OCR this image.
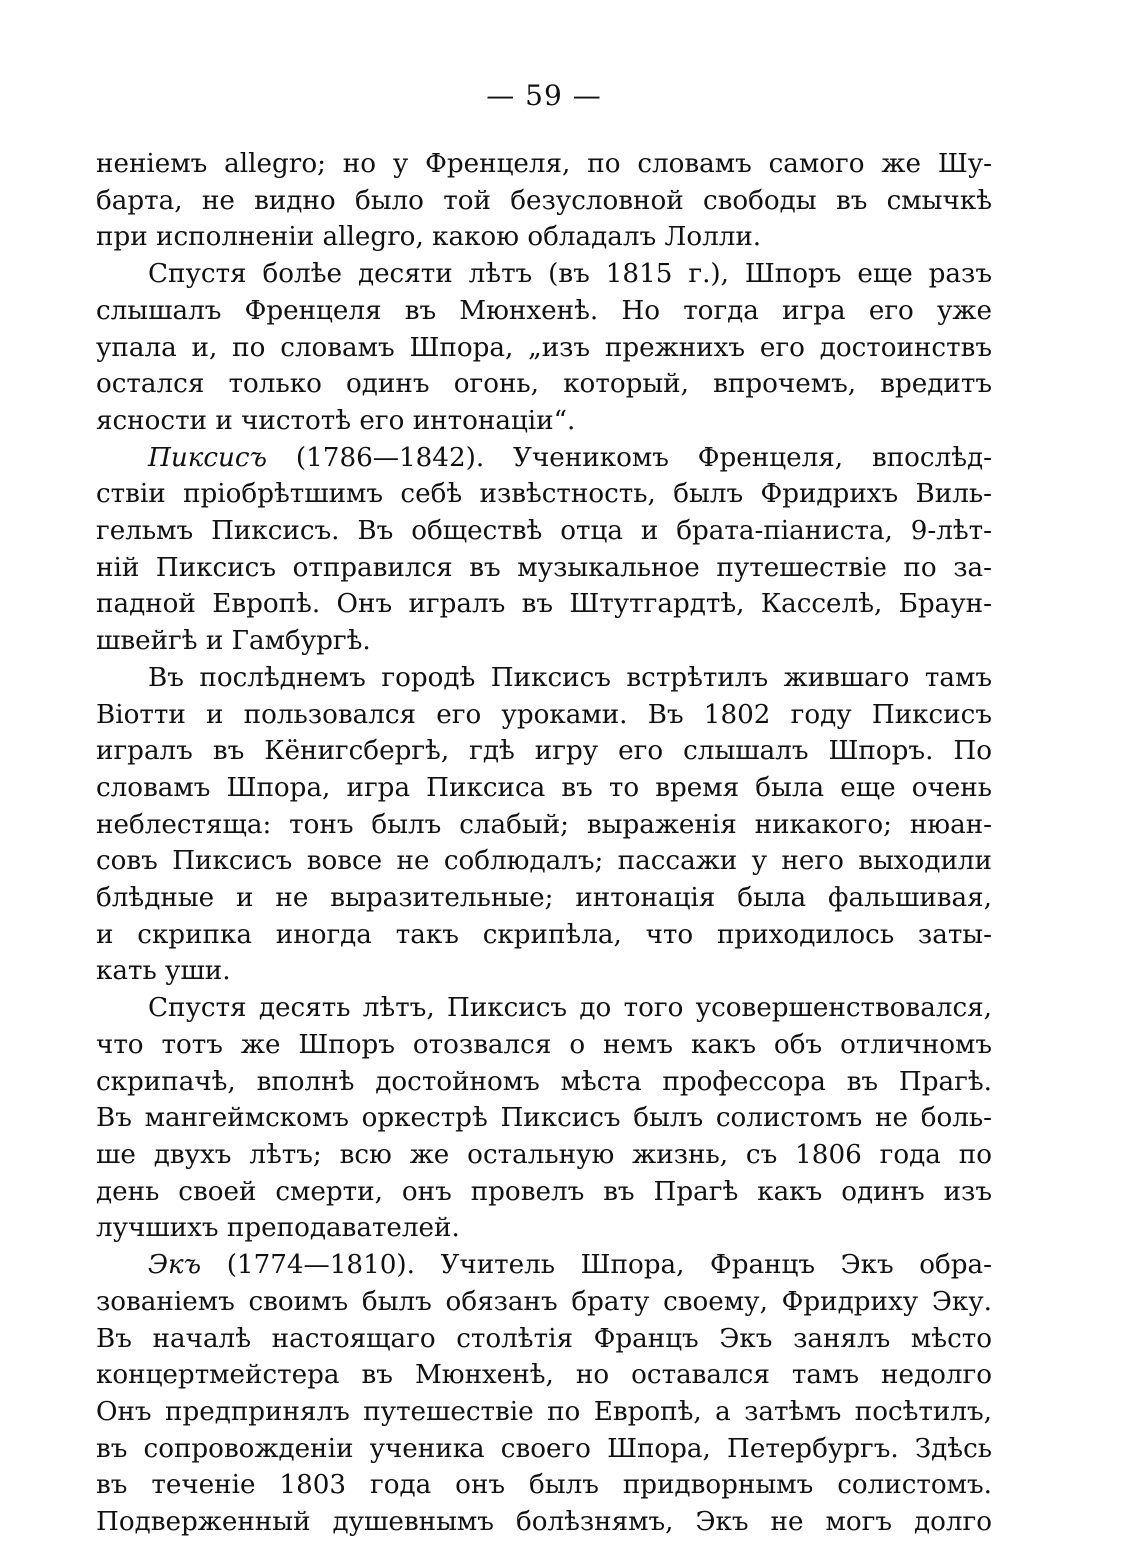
— 59 —

неніемъ allegro; но у Френцеля, по словамъ самого же Шу-
барта, не видно было той безусловной свободы въ смычкѣ
при исполненіи allegro, какою обладалъ Лолли.

Спустя болѣе десяти лѣтъ (въ 1815 г.), Шпоръ еще разъ
слышалъ Френцеля въ Мюнхенѣ. Но тогда игра его уже
упала и, по словамъ Шпора, „изъ прежнихъ его достоинствъ
остался только одинъ огонь, который, впрочемъ, вредитъ
ясности и чистотѣ его интонаціи“.

Пиксисъ (1786—1842). Ученикомъ Френцеля, впослѣд-
ствіи пріобрѣтшимъ себѣ извѣстность, былъ Фридрихъ Виль-
гельмъ Пиксисъ. Въ обществѣ отца и брата-піаниста, 9-лѣт-
ній Пиксисъ отправился въ музыкальное путешествіе по за-
падной Европѣ. Онъ игралъ въ Штутгардтѣ, Касселѣ, Браун-
швейгѣ и Гамбургѣ.

Въ послѣднемъ городѣ Пиксисъ встрѣтилъ жившаго тамъ
Віотти и пользовался его уроками. Въ 1802 году Пиксисъ
игралъ въ Кёнигсбергѣ, гдѣ игру его слышалъ Шпоръ. По
словамъ Шпора, игра Пиксиса въ то время была еще очень
неблестяща: тонъ былъ слабый; выраженія никакого; нюан-
совъ Пиксисъ вовсе не соблюдалъ; пассажи у него выходили
блѣдные и не выразительные; интонація была фальшивая,
и скрипка иногда такъ скрипѣла, что приходилось заты-
кать уши.

Спустя десять лѣтъ, Пиксисъ до того усовершенствовался,
что тотъ же Шпоръ отозвался о немъ какъ объ отличномъ
скрипачѣ, вполнѣ достойномъ мѣста профессора въ Прагѣ.
Въ мангеймскомъ оркестрѣ Пиксисъ былъ солистомъ не боль-
ше двухъ лѣтъ; всю же остальную жизнь, съ 1806 года по
день своей смерти, онъ провелъ въ Прагѣ какъ одинъ изъ
лучшихъ преподавателей.

Экъ (1774—1810). Учитель Шпора, Францъ Экъ обра-
зованіемъ своимъ былъ обязанъ брату своему, Фридриху Эку.
Въ началѣ настоящаго столѣтія Францъ Экъ занялъ мѣсто
концертмейстера въ Мюнхенѣ, но оставался тамъ недолго
Онъ предпринялъ путешествіе по Европѣ, а затѣмъ посѣтилъ,
въ сопровожденіи ученика своего Шпора, Петербургъ. Здѣсь
въ теченіе 1803 года онъ былъ придворнымъ солистомъ.
Подверженный душевнымъ болѣзнямъ, Экъ не могъ долго
